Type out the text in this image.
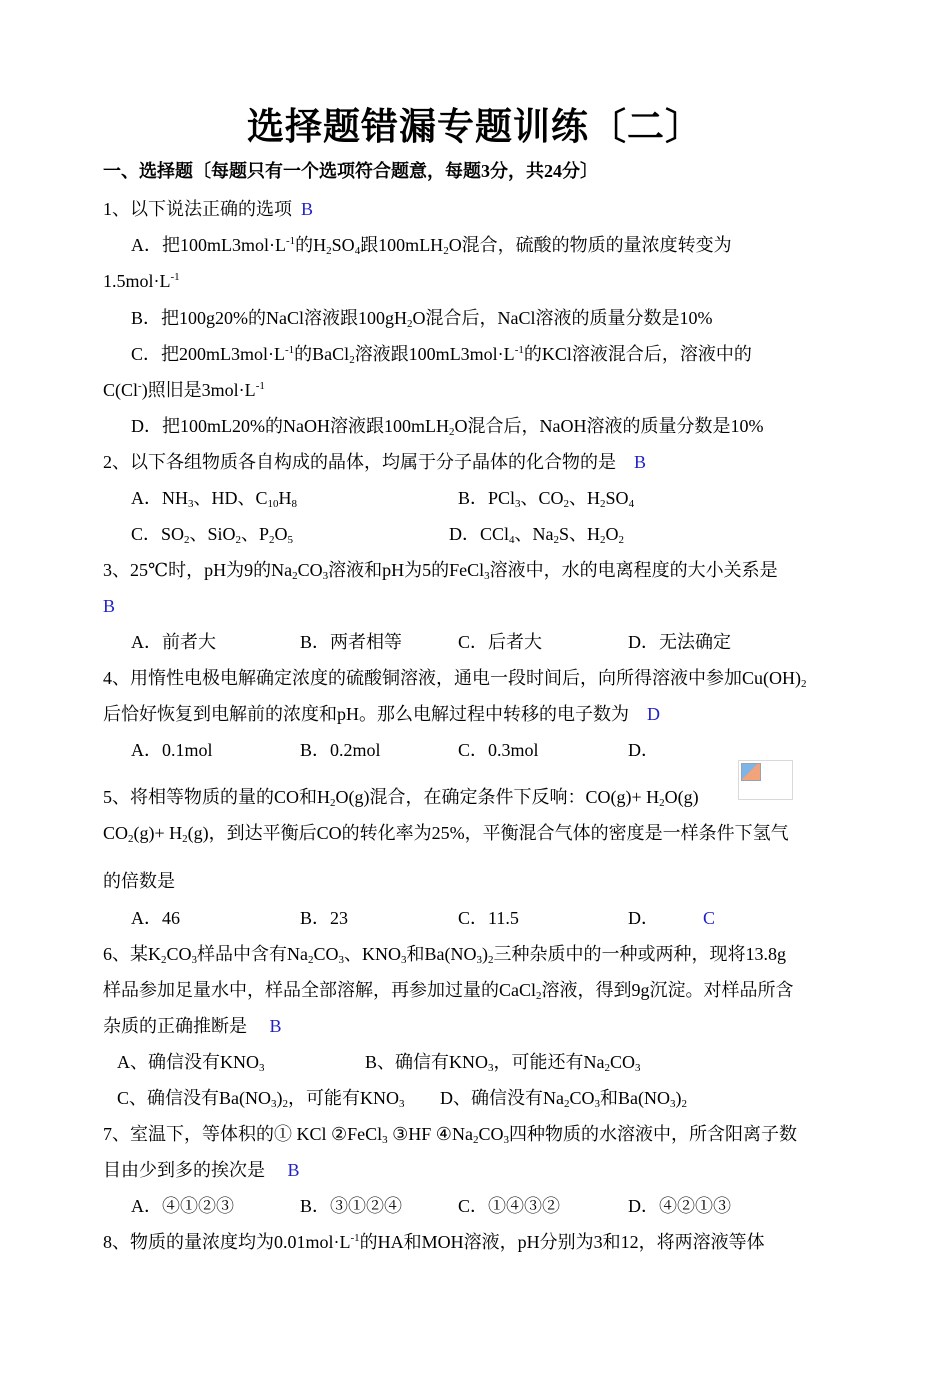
选择题错漏专题训练〔二〕
一、选择题〔每题只有一个选项符合题意，每题3分，共24分〕
1、以下说法正确的选项  B
A．把$100mL3mol\cdot L^{-1}$的$H_2SO_4$跟100mLH$_2$O混合，硫酸的物质的量浓度转变为
$1.5mol\cdot L^{-1}$
B．把100g20%的NaCl溶液跟$100gH_2O$混合后，NaCl溶液的质量分数是10%
C．把$200mL3mol\cdot L^{-1}$的BaCl$_2$溶液跟$100mL3mol\cdot L^{-1}$的KCl溶液混合后，溶液中的
C(Cl-)照旧是$3mol\cdot L^{-1}$
D．把100mL20%的NaOH溶液跟100mLH$_2$O混合后，NaOH溶液的质量分数是10%
2、以下各组物质各自构成的晶体，均属于分子晶体的化合物的是    B
A．$NH_3$、HD、$C_{10}H_8$	B．PCl$_3$、$CO_2$、$H_2SO_4$
C．$SO_2$、SiO$_2$、$P_2O_5$	D．CCl$_4$、$Na_2S$、$H_2O_2$
3、25℃时，pH为9的$Na_2CO_3$溶液和pH为5的FeCl$_3$溶液中，水的电离程度的大小关系是
B
A．前者大	B．两者相等	C．后者大	D．无法确定
4、用惰性电极电解确定浓度的硫酸铜溶液，通电一段时间后，向所得溶液中参加$Cu(OH)_2$
后恰好恢复到电解前的浓度和pH。那么电解过程中转移的电子数为    D
A．0.1mol	B．0.2mol	C．0.3mol	D．
5、将相等物质的量的CO和$H_2O(g)$混合，在确定条件下反响：$CO(g)+ H_2O(g)$
$CO_2(g)+ H_2(g)$，到达平衡后CO的转化率为25%，平衡混合气体的密度是一样条件下氢气
的倍数是
A．46	B．23	C．11.5	D． C
6、某$K_2CO_3$样品中含有$Na_2CO_3$、$KNO_3$和$Ba(NO_3)_2$三种杂质中的一种或两种，现将13.8g
样品参加足量水中，样品全部溶解，再参加过量的CaCl$_2$溶液，得到9g沉淀。对样品所含
杂质的正确推断是     B
A、确信没有$KNO_3$	B、确信有$KNO_3$，可能还有$Na_2CO_3$
C、确信没有$Ba(NO_3)_2$，可能有$KNO_3$ D、确信没有$Na_2CO_3$和$Ba(NO_3)_2$
7、室温下，等体积的① KCl ②FeCl$_3$ ③HF $④Na_2CO_3$四种物质的水溶液中，所含阳离子数
目由少到多的挨次是     B
A．④①②③	B．③①②④	C．①④③②	D．④②①③
8、物质的量浓度均为$0.01mol\cdot L^{-1}$的HA和MOH溶液，pH分别为3和12，将两溶液等体
